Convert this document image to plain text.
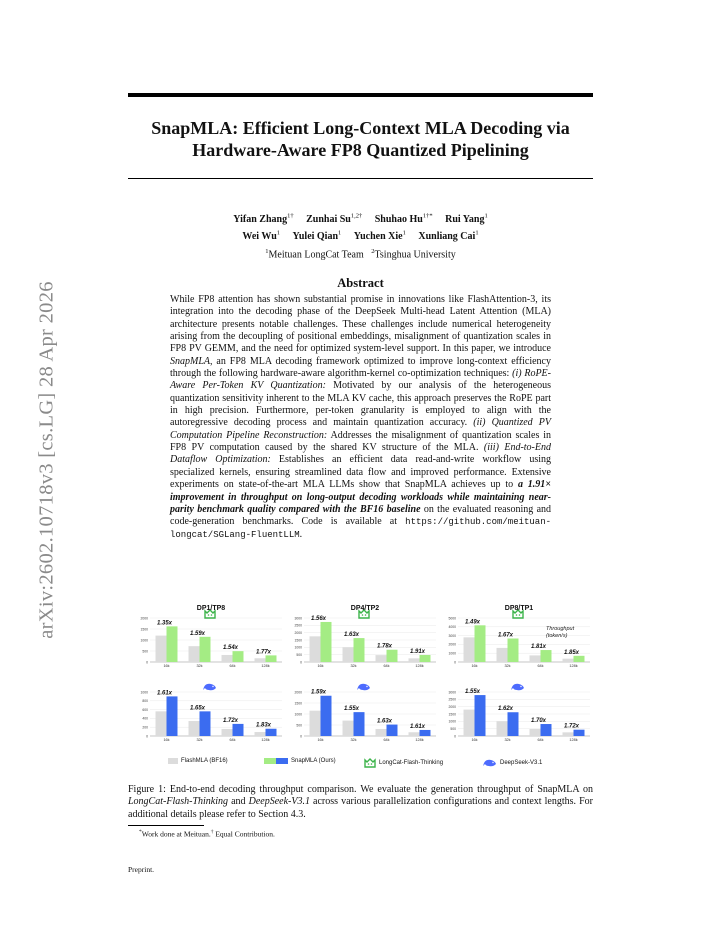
arXiv:2602.10718v3 [cs.LG] 28 Apr 2026
SnapMLA: Efficient Long-Context MLA Decoding via Hardware-Aware FP8 Quantized Pipelining
Yifan Zhang$^{1\dagger}$ Zunhai $Su^{1,2\dagger}$ Shuhao $Hu^{1\dagger*}$ Rui Yang$^1$
Wei Wu$^1$ Yulei Qian$^1$ Yuchen Xie$^1$ Xunliang Cai$^1$
$^1$Meituan LongCat Team $^2$Tsinghua University
Abstract
While FP8 attention has shown substantial promise in innovations like FlashAttention-3, its integration into the decoding phase of the DeepSeek Multi-head Latent Attention (MLA) architecture presents notable challenges. These challenges include numerical heterogeneity arising from the decoupling of positional embeddings, misalignment of quantization scales in FP8 PV GEMM, and the need for optimized system-level support. In this paper, we introduce SnapMLA, an FP8 MLA decoding framework optimized to improve long-context efficiency through the following hardware-aware algorithm-kernel co-optimization techniques: (i) RoPE-Aware Per-Token KV Quantization: Motivated by our analysis of the heterogeneous quantization sensitivity inherent to the MLA KV cache, this approach preserves the RoPE part in high precision. Furthermore, per-token granularity is employed to align with the autoregressive decoding process and maintain quantization accuracy. (ii) Quantized PV Computation Pipeline Reconstruction: Addresses the misalignment of quantization scales in FP8 PV computation caused by the shared KV structure of the MLA. (iii) End-to-End Dataflow Optimization: Establishes an efficient data read-and-write workflow using specialized kernels, ensuring streamlined data flow and improved performance. Extensive experiments on state-of-the-art MLA LLMs show that SnapMLA achieves up to a 1.91× improvement in throughput on long-output decoding workloads while maintaining near-parity benchmark quality compared with the BF16 baseline on the evaluated reasoning and code-generation benchmarks. Code is available at https://github.com/meituan-longcat/SGLang-FluentLLM.
DP1/TP8
0
500
1000
1500
2000
16k
1.35x
32k
1.59x
64k
1.54x
128k
1.77x
DP4/TP2
0
500
1000
1500
2000
2500
3000
16k
1.56x
32k
1.63x
64k
1.78x
128k
1.91x
DP8/TP1
0
1000
2000
3000
4000
5000
16k
1.49x
32k
1.67x
64k
1.81x
128k
1.85x
0
200
400
600
800
1000
16k
1.61x
32k
1.65x
64k
1.72x
128k
1.83x
0
500
1000
1500
2000
16k
1.59x
32k
1.55x
64k
1.63x
128k
1.61x
0
500
1000
1500
2000
2500
3000
16k
1.55x
32k
1.62x
64k
1.70x
128k
1.72x
Throughput (token/s)
FlashMLA (BF16)	SnapMLA (Ours)	LongCat-Flash-Thinking	DeepSeek-V3.1
Figure 1: End-to-end decoding throughput comparison. We evaluate the generation throughput of SnapMLA on LongCat-Flash-Thinking and DeepSeek-V3.1 across various parallelization configurations and context lengths. For additional details please refer to Section 4.3.
*Work done at Meituan.† Equal Contribution.
Preprint.
